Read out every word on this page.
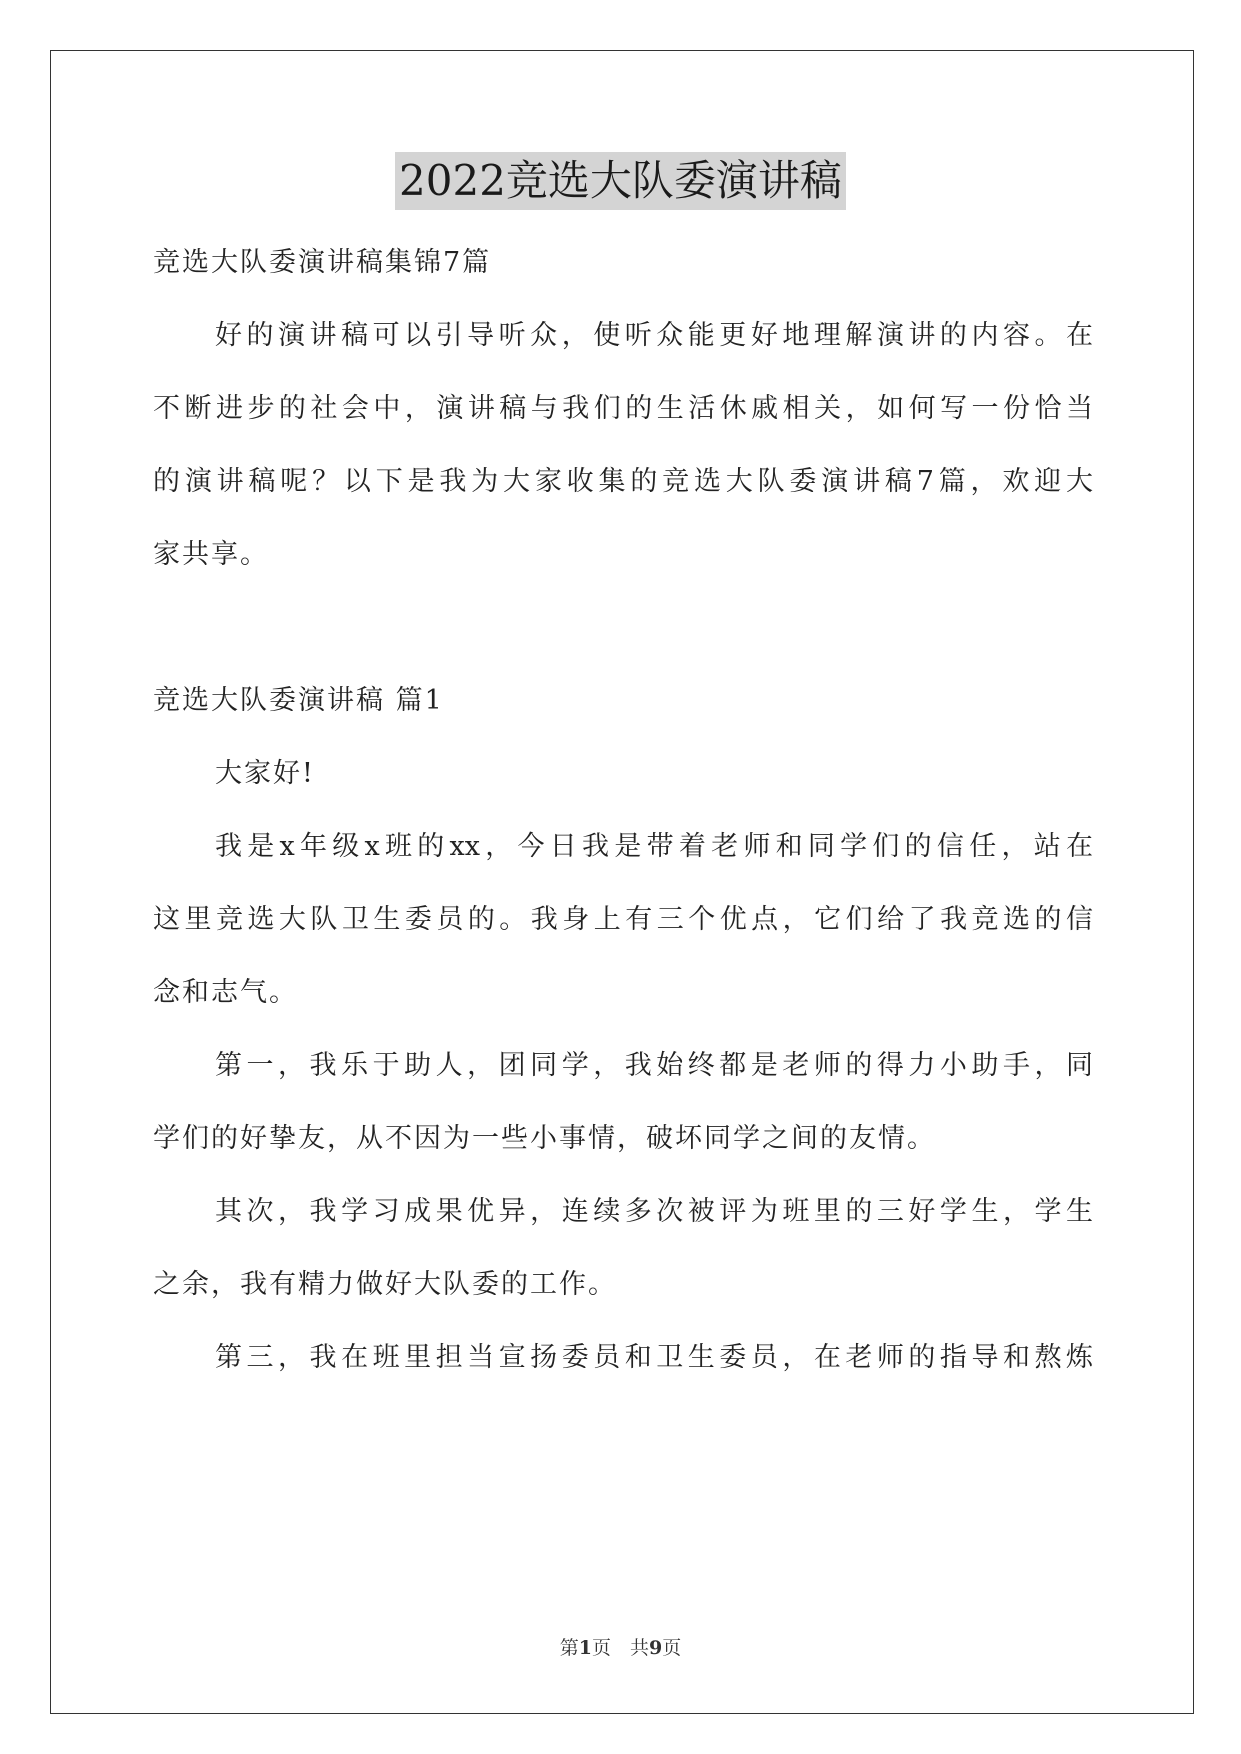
2022竞选大队委演讲稿
竞选大队委演讲稿集锦7篇
好的演讲稿可以引导听众，使听众能更好地理解演讲的内容。在
不断进步的社会中，演讲稿与我们的生活休戚相关，如何写一份恰当
的演讲稿呢？以下是我为大家收集的竞选大队委演讲稿7篇，欢迎大
家共享。
竞选大队委演讲稿 篇1
大家好!
我是x年级x班的xx，今日我是带着老师和同学们的信任，站在
这里竞选大队卫生委员的。我身上有三个优点，它们给了我竞选的信
念和志气。
第一，我乐于助人，团同学，我始终都是老师的得力小助手，同
学们的好挚友，从不因为一些小事情，破坏同学之间的友情。
其次，我学习成果优异，连续多次被评为班里的三好学生，学生
之余，我有精力做好大队委的工作。
第三，我在班里担当宣扬委员和卫生委员，在老师的指导和熬炼
第1页　共9页
